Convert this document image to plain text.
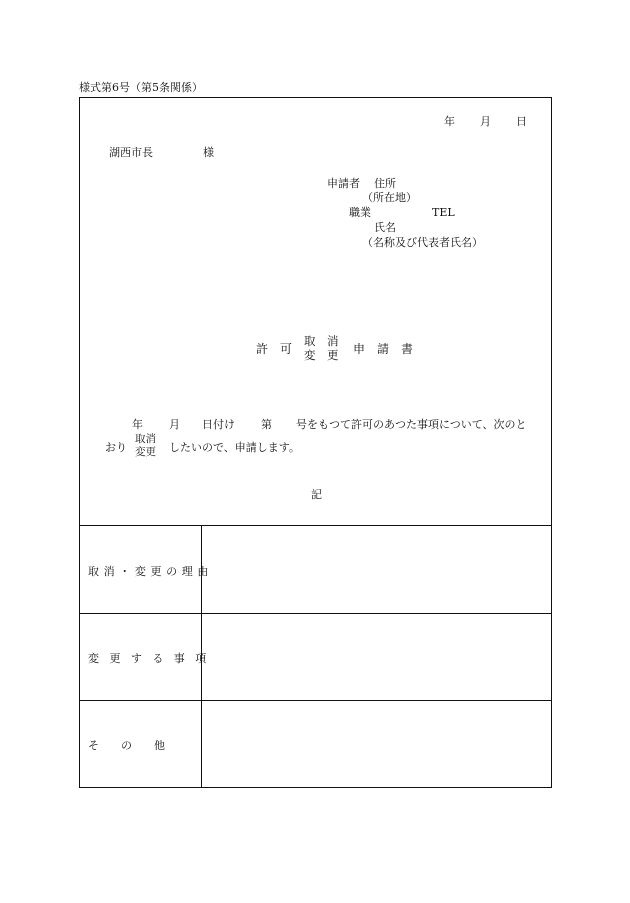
様式第6号（第5条関係）
年 月 日
湖西市長	様
申請者 住所
（所在地）
職業	TEL
氏名
（名称及び代表者氏名）
許　可
取　消
変　更 申　請　書
年 月 日付け 第 号をもつて許可のあつた事項について、次のと
おり
取消
変更 したいので、申請します。
記
取消・変更の理由
変更する事項
そ　　の　　他
